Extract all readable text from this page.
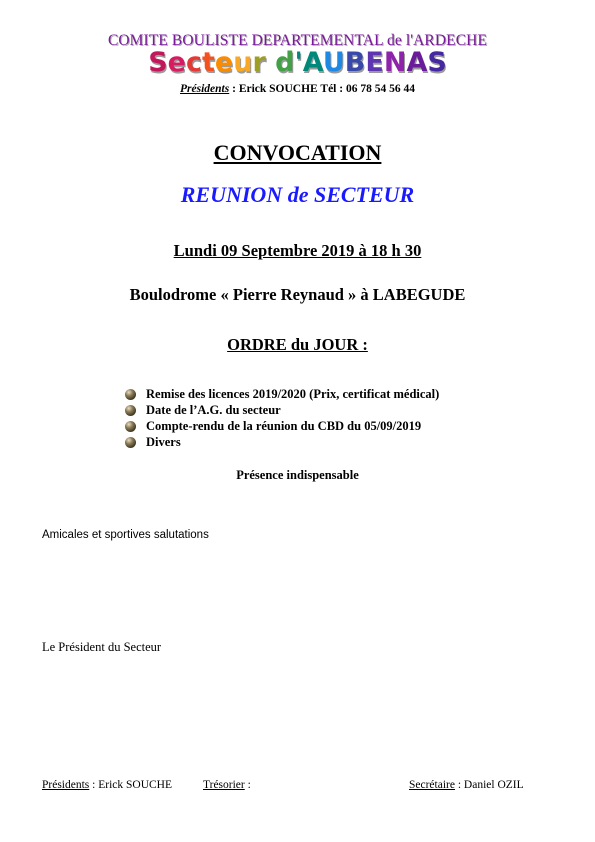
COMITE BOULISTE DEPARTEMENTAL de l'ARDECHE
Secteur d'AUBENAS
Présidents : Erick SOUCHE Tél : 06 78 54 56 44
CONVOCATION
REUNION de SECTEUR
Lundi 09 Septembre 2019 à 18 h 30
Boulodrome « Pierre Reynaud » à LABEGUDE
ORDRE du JOUR :
Remise des licences 2019/2020 (Prix, certificat médical)
Date de l’A.G. du secteur
Compte-rendu de la réunion du CBD du 05/09/2019
Divers
Présence indispensable
Amicales et sportives salutations
Le Président du Secteur
Présidents : Erick SOUCHE	Trésorier :	Secrétaire : Daniel OZIL
